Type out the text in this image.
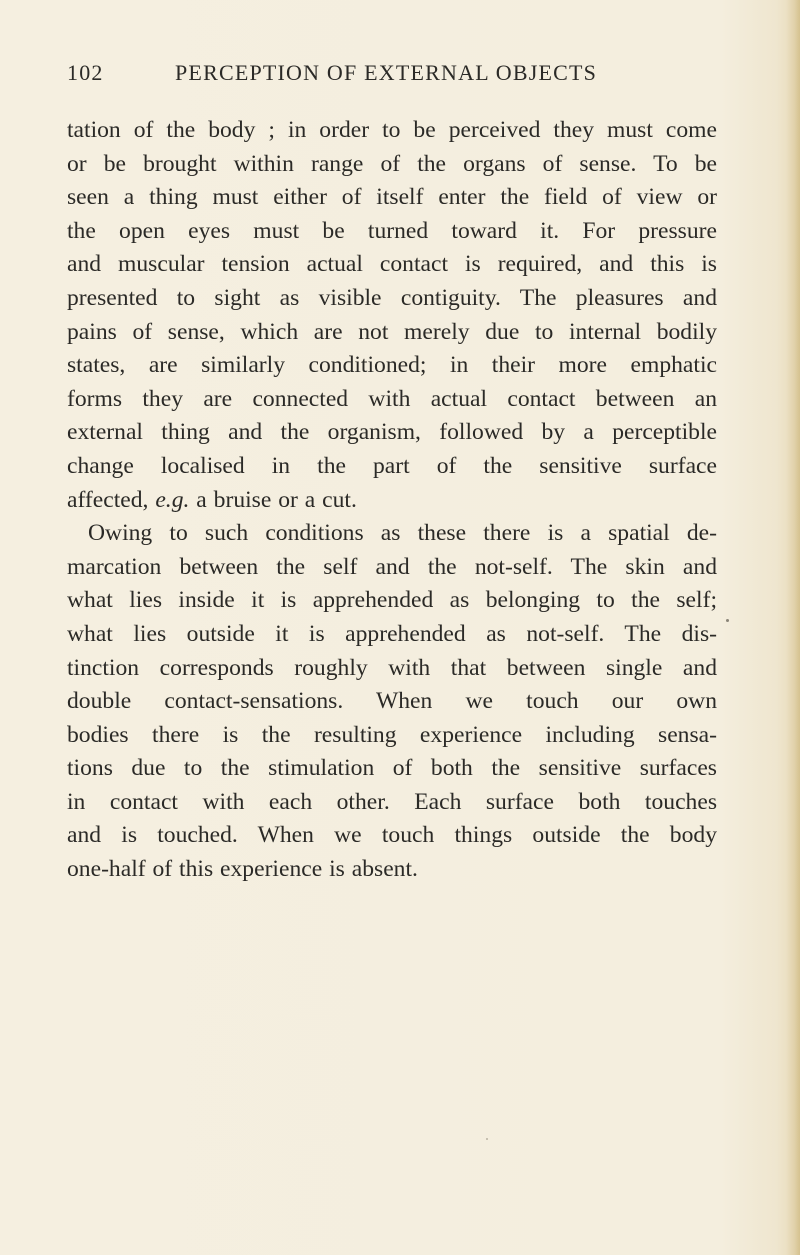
102	PERCEPTION OF EXTERNAL OBJECTS
tation of the body ; in order to be perceived they must come
or be brought within range of the organs of sense. To be
seen a thing must either of itself enter the field of view or
the open eyes must be turned toward it. For pressure
and muscular tension actual contact is required, and this is
presented to sight as visible contiguity. The pleasures and
pains of sense, which are not merely due to internal bodily
states, are similarly conditioned; in their more emphatic
forms they are connected with actual contact between an
external thing and the organism, followed by a perceptible
change localised in the part of the sensitive surface
affected, e.g. a bruise or a cut.
Owing to such conditions as these there is a spatial de-
marcation between the self and the not-self. The skin and
what lies inside it is apprehended as belonging to the self;
what lies outside it is apprehended as not-self. The dis-
tinction corresponds roughly with that between single and
double contact-sensations. When we touch our own
bodies there is the resulting experience including sensa-
tions due to the stimulation of both the sensitive surfaces
in contact with each other. Each surface both touches
and is touched. When we touch things outside the body
one-half of this experience is absent.
